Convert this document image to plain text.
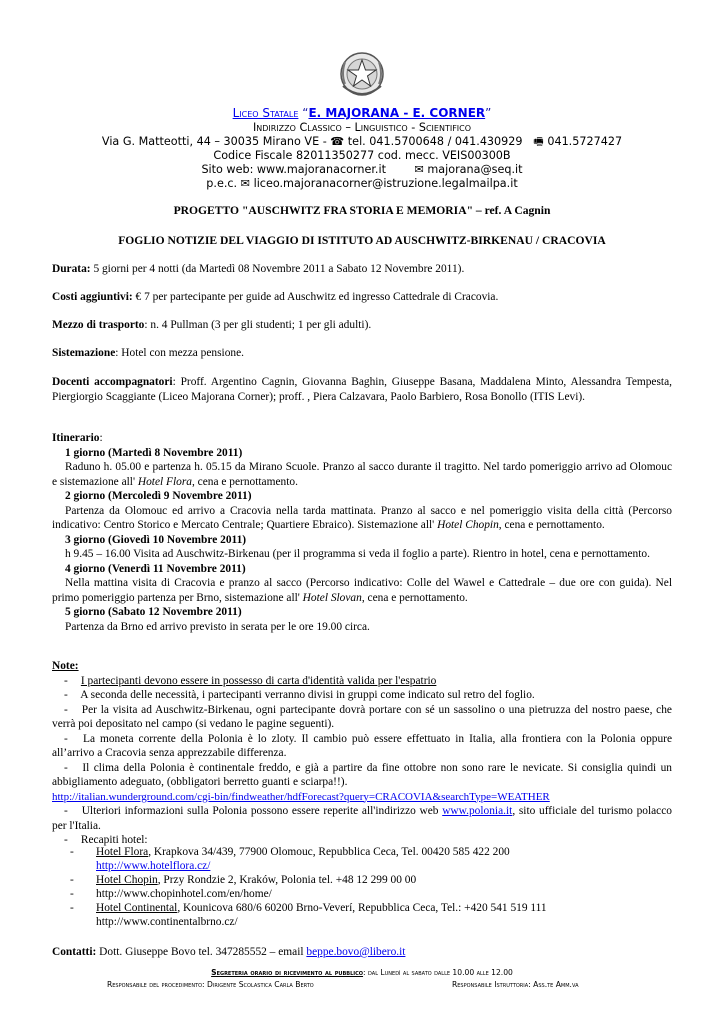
Liceo Statale “E. MAJORANA - E. CORNER”
Indirizzo Classico – Linguistico - Scientifico
Via G. Matteotti, 44 – 30035 Mirano VE - ☎ tel. 041.5700648 / 041.430929 🖷 041.5727427
Codice Fiscale 82011350277 cod. mecc. VEIS00300B
Sito web: www.majoranacorner.it	✉ majorana@seq.it
p.e.c. ✉ liceo.majoranacorner@istruzione.legalmailpa.it
PROGETTO "AUSCHWITZ FRA STORIA E MEMORIA" – ref. A Cagnin
FOGLIO NOTIZIE DEL VIAGGIO DI ISTITUTO AD AUSCHWITZ-BIRKENAU / CRACOVIA
Durata: 5 giorni per 4 notti (da Martedì 08 Novembre 2011 a Sabato 12 Novembre 2011).
Costi aggiuntivi: € 7 per partecipante per guide ad Auschwitz ed ingresso Cattedrale di Cracovia.
Mezzo di trasporto: n. 4 Pullman (3 per gli studenti; 1 per gli adulti).
Sistemazione: Hotel con mezza pensione.
Docenti accompagnatori: Proff. Argentino Cagnin, Giovanna Baghin, Giuseppe Basana, Maddalena Minto, Alessandra Tempesta, Piergiorgio Scaggiante (Liceo Majorana Corner); proff. , Piera Calzavara, Paolo Barbiero, Rosa Bonollo (ITIS Levi).
Itinerario:
1 giorno (Martedì 8 Novembre 2011)
Raduno h. 05.00 e partenza h. 05.15 da Mirano Scuole. Pranzo al sacco durante il tragitto. Nel tardo pomeriggio arrivo ad Olomouc e sistemazione all' Hotel Flora, cena e pernottamento.
2 giorno (Mercoledì 9 Novembre 2011)
Partenza da Olomouc ed arrivo a Cracovia nella tarda mattinata. Pranzo al sacco e nel pomeriggio visita della città (Percorso indicativo: Centro Storico e Mercato Centrale; Quartiere Ebraico). Sistemazione all' Hotel Chopin, cena e pernottamento.
3 giorno (Giovedì 10 Novembre 2011)
h 9.45 – 16.00 Visita ad Auschwitz-Birkenau (per il programma si veda il foglio a parte). Rientro in hotel, cena e pernottamento.
4 giorno (Venerdì 11 Novembre 2011)
Nella mattina visita di Cracovia e pranzo al sacco (Percorso indicativo: Colle del Wawel e Cattedrale – due ore con guida). Nel primo pomeriggio partenza per Brno, sistemazione all' Hotel Slovan, cena e pernottamento.
5 giorno (Sabato 12 Novembre 2011)
Partenza da Brno ed arrivo previsto in serata per le ore 19.00 circa.
Note:
- I partecipanti devono essere in possesso di carta d'identità valida per l'espatrio
- A seconda delle necessità, i partecipanti verranno divisi in gruppi come indicato sul retro del foglio.
- Per la visita ad Auschwitz-Birkenau, ogni partecipante dovrà portare con sé un sassolino o una pietruzza del nostro paese, che verrà poi depositato nel campo (si vedano le pagine seguenti).
- La moneta corrente della Polonia è lo zloty. Il cambio può essere effettuato in Italia, alla frontiera con la Polonia oppure all’arrivo a Cracovia senza apprezzabile differenza.
- Il clima della Polonia è continentale freddo, e già a partire da fine ottobre non sono rare le nevicate. Si consiglia quindi un abbigliamento adeguato, (obbligatori berretto guanti e sciarpa!!).
http://italian.wunderground.com/cgi-bin/findweather/hdfForecast?query=CRACOVIA&searchType=WEATHER
- Ulteriori informazioni sulla Polonia possono essere reperite all'indirizzo web www.polonia.it, sito ufficiale del turismo polacco per l'Italia.
- Recapiti hotel:
- Hotel Flora, Krapkova 34/439, 77900 Olomouc, Repubblica Ceca, Tel. 00420 585 422 200
http://www.hotelflora.cz/
- Hotel Chopin, Przy Rondzie 2, Kraków, Polonia tel. +48 12 299 00 00
- http://www.chopinhotel.com/en/home/
- Hotel Continental, Kounicova 680/6 60200 Brno-Veverí, Repubblica Ceca, Tel.: +420 541 519 111
http://www.continentalbrno.cz/
Contatti: Dott. Giuseppe Bovo tel. 347285552 – email beppe.bovo@libero.it
Segreteria orario di ricevimento al pubblico: dal Lunedì al sabato dalle 10.00 alle 12.00
Responsabile del procedimento: Dirigente Scolastica Carla Berto	Responsabile Istruttoria: Ass.te Amm.va
